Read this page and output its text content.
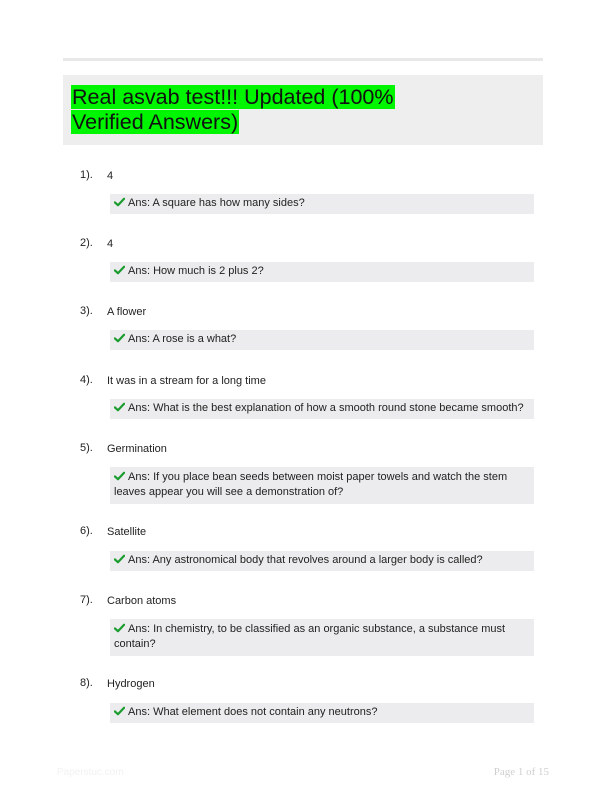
Real asvab test!!! Updated (100% Verified Answers)
1). 4
Ans: A square has how many sides?
2). 4
Ans: How much is 2 plus 2?
3). A flower
Ans: A rose is a what?
4). It was in a stream for a long time
Ans: What is the best explanation of how a smooth round stone became smooth?
5). Germination
Ans: If you place bean seeds between moist paper towels and watch the stem leaves appear you will see a demonstration of?
6). Satellite
Ans: Any astronomical body that revolves around a larger body is called?
7). Carbon atoms
Ans: In chemistry, to be classified as an organic substance, a substance must contain?
8). Hydrogen
Ans: What element does not contain any neutrons?
Paperstuc.com	Page 1 of 15
